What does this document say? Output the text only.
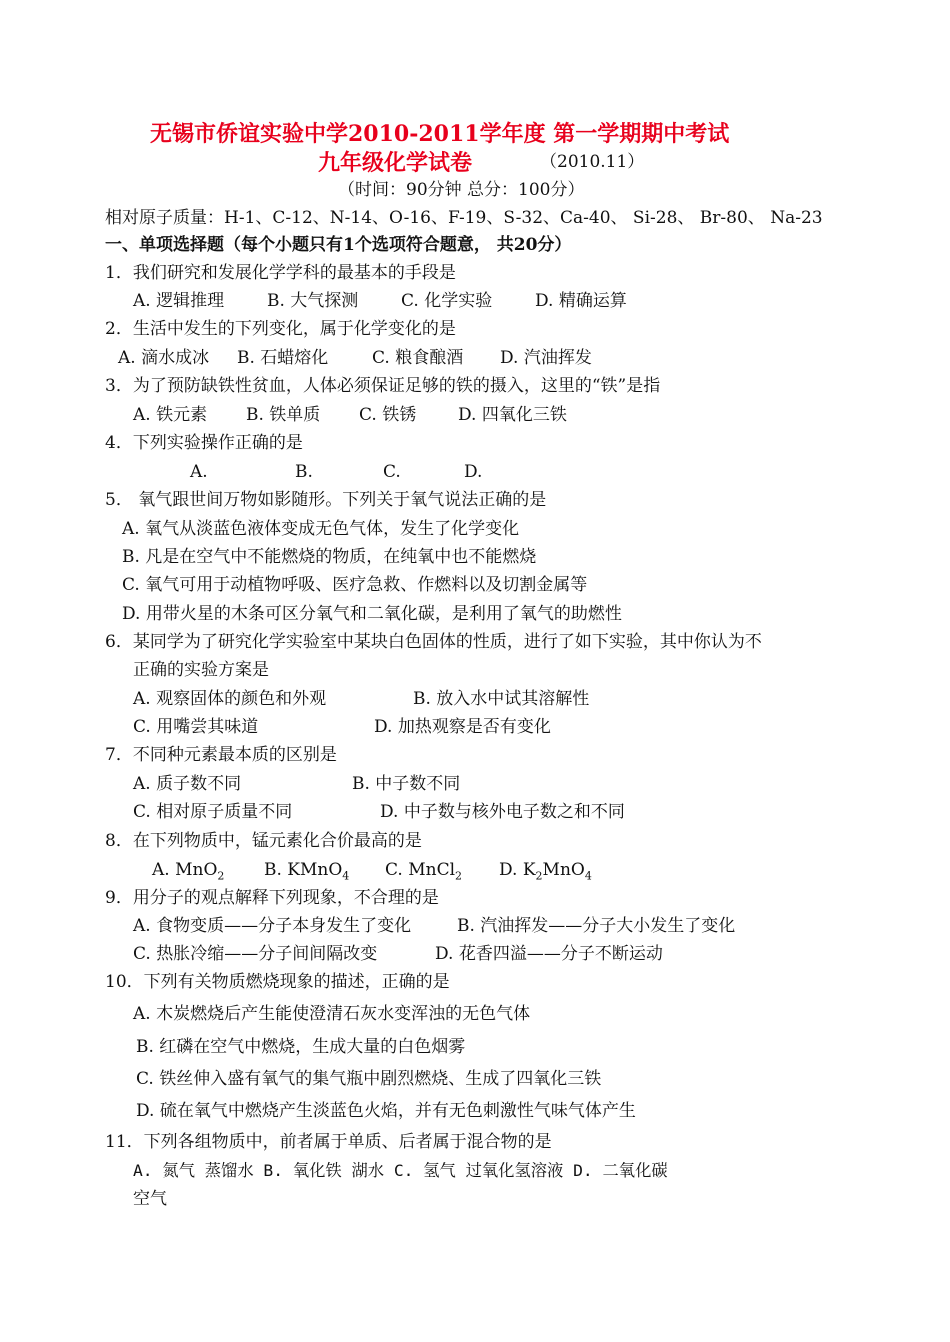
无锡市侨谊实验中学2010-2011学年度 第一学期期中考试
九年级化学试卷	（2010.11）
（时间：90分钟 总分：100分）
相对原子质量：H-1、C-12、N-14、O-16、F-19、S-32、Ca-40、 Si-28、 Br-80、 Na-23
一、单项选择题（每个小题只有1个选项符合题意， 共20分）
1．我们研究和发展化学学科的最基本的手段是
A. 逻辑推理	B. 大气探测	C. 化学实验	D. 精确运算
2．生活中发生的下列变化，属于化学变化的是
A. 滴水成冰 B. 石蜡熔化	C. 粮食酿酒 D. 汽油挥发
3．为了预防缺铁性贫血，人体必须保证足够的铁的摄入，这里的“铁”是指
A. 铁元素 B. 铁单质 C. 铁锈 D. 四氧化三铁
4．下列实验操作正确的是
A.	B.	C.	D.
5． 氧气跟世间万物如影随形。下列关于氧气说法正确的是
A. 氧气从淡蓝色液体变成无色气体，发生了化学变化
B. 凡是在空气中不能燃烧的物质，在纯氧中也不能燃烧
C. 氧气可用于动植物呼吸、医疗急救、作燃料以及切割金属等
D. 用带火星的木条可区分氧气和二氧化碳，是利用了氧气的助燃性
6．某同学为了研究化学实验室中某块白色固体的性质，进行了如下实验，其中你认为不
正确的实验方案是
A. 观察固体的颜色和外观	B. 放入水中试其溶解性
C. 用嘴尝其味道	D. 加热观察是否有变化
7．不同种元素最本质的区别是
A. 质子数不同	B. 中子数不同
C. 相对原子质量不同	D. 中子数与核外电子数之和不同
8．在下列物质中，锰元素化合价最高的是
A. MnO$_2$ B. KMnO$_4$ C. MnCl$_2$ D. $K_2MnO_4$
9．用分子的观点解释下列现象，不合理的是
A. 食物变质——分子本身发生了变化	B. 汽油挥发——分子大小发生了变化
C. 热胀冷缩——分子间间隔改变	D. 花香四溢——分子不断运动
10．下列有关物质燃烧现象的描述，正确的是
A. 木炭燃烧后产生能使澄清石灰水变浑浊的无色气体
B. 红磷在空气中燃烧，生成大量的白色烟雾
C. 铁丝伸入盛有氧气的集气瓶中剧烈燃烧、生成了四氧化三铁
D. 硫在氧气中燃烧产生淡蓝色火焰，并有无色刺激性气味气体产生
11．下列各组物质中，前者属于单质、后者属于混合物的是
A. 氮气 蒸馏水 B. 氧化铁 湖水 C. 氢气 过氧化氢溶液 D. 二氧化碳
空气
